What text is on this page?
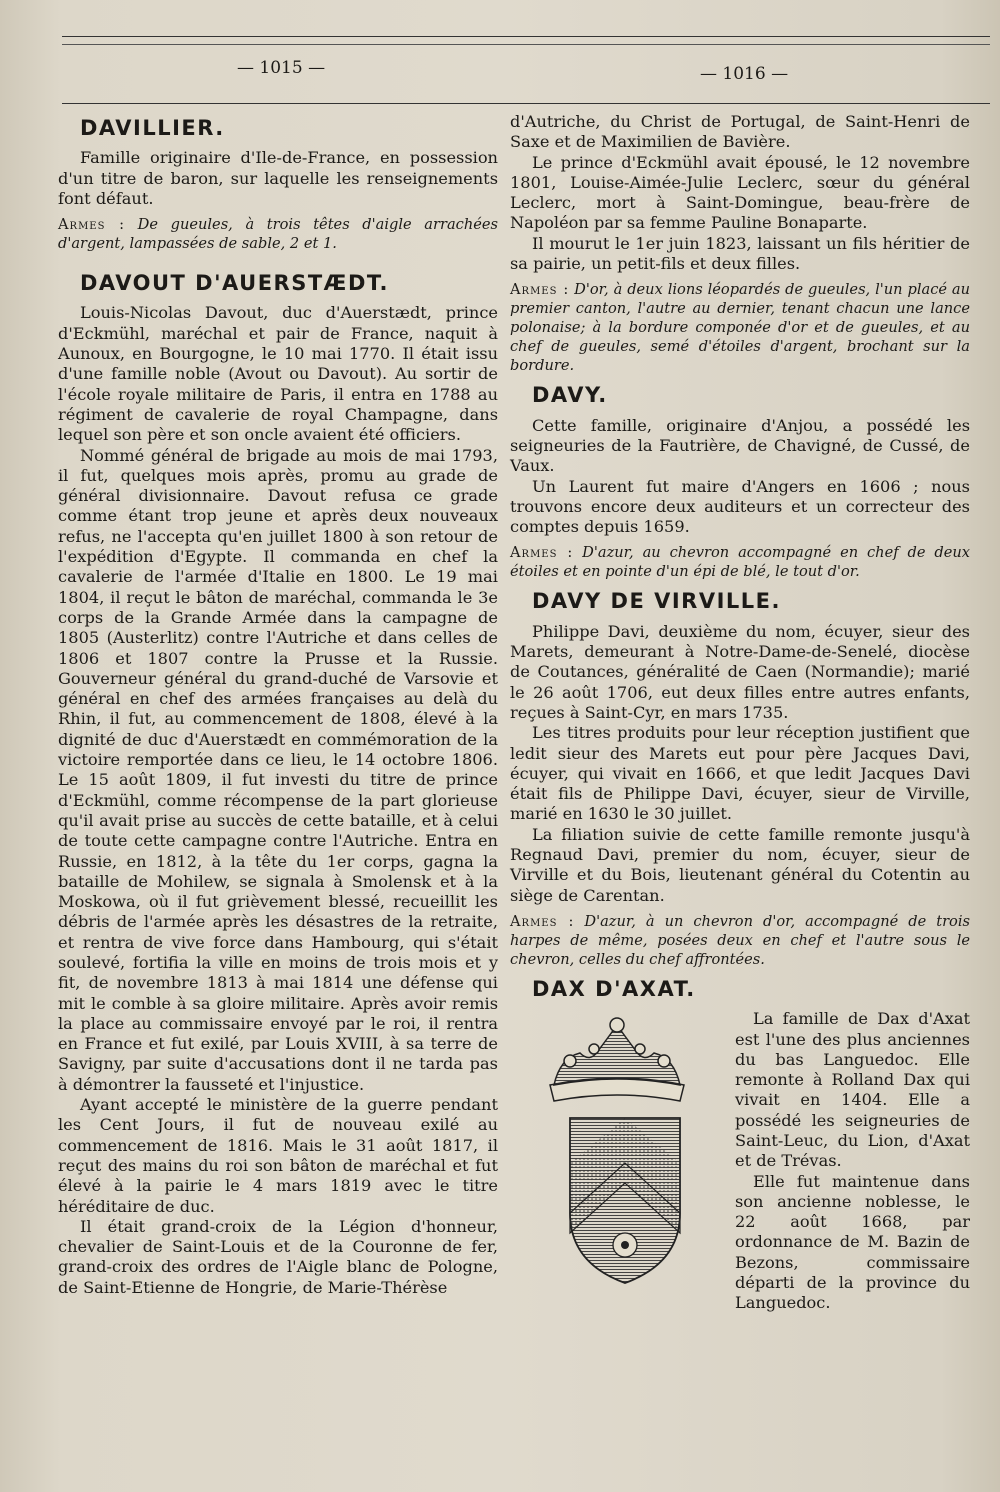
— 1015 —	— 1016 —
DAVILLIER.

Famille originaire d'Ile-de-France, en possession d'un titre de baron, sur laquelle les renseignements font défaut.

Armes : De gueules, à trois têtes d'aigle arrachées d'argent, lampassées de sable, 2 et 1.
DAVOUT D'AUERSTÆDT.

Louis-Nicolas Davout, duc d'Auerstædt, prince d'Eckmühl, maréchal et pair de France, naquit à Aunoux, en Bourgogne, le 10 mai 1770. Il était issu d'une famille noble (Avout ou Davout). Au sortir de l'école royale militaire de Paris, il entra en 1788 au régiment de cavalerie de royal Champagne, dans lequel son père et son oncle avaient été officiers.

Nommé général de brigade au mois de mai 1793, il fut, quelques mois après, promu au grade de général divisionnaire. Davout refusa ce grade comme étant trop jeune et après deux nouveaux refus, ne l'accepta qu'en juillet 1800 à son retour de l'expédition d'Egypte. Il commanda en chef la cavalerie de l'armée d'Italie en 1800. Le 19 mai 1804, il reçut le bâton de maréchal, commanda le 3e corps de la Grande Armée dans la campagne de 1805 (Austerlitz) contre l'Autriche et dans celles de 1806 et 1807 contre la Prusse et la Russie. Gouverneur général du grand-duché de Varsovie et général en chef des armées françaises au delà du Rhin, il fut, au commencement de 1808, élevé à la dignité de duc d'Auerstædt en commémoration de la victoire remportée dans ce lieu, le 14 octobre 1806. Le 15 août 1809, il fut investi du titre de prince d'Eckmühl, comme récompense de la part glorieuse qu'il avait prise au succès de cette bataille, et à celui de toute cette campagne contre l'Autriche. Entra en Russie, en 1812, à la tête du 1er corps, gagna la bataille de Mohilew, se signala à Smolensk et à la Moskowa, où il fut grièvement blessé, recueillit les débris de l'armée après les désastres de la retraite, et rentra de vive force dans Hambourg, qui s'était soulevé, fortifia la ville en moins de trois mois et y fit, de novembre 1813 à mai 1814 une défense qui mit le comble à sa gloire militaire. Après avoir remis la place au commissaire envoyé par le roi, il rentra en France et fut exilé, par Louis XVIII, à sa terre de Savigny, par suite d'accusations dont il ne tarda pas à démontrer la fausseté et l'injustice.

Ayant accepté le ministère de la guerre pendant les Cent Jours, il fut de nouveau exilé au commencement de 1816. Mais le 31 août 1817, il reçut des mains du roi son bâton de maréchal et fut élevé à la pairie le 4 mars 1819 avec le titre héréditaire de duc.

Il était grand-croix de la Légion d'honneur, chevalier de Saint-Louis et de la Couronne de fer, grand-croix des ordres de l'Aigle blanc de Pologne, de Saint-Etienne de Hongrie, de Marie-Thérèse

d'Autriche, du Christ de Portugal, de Saint-Henri de Saxe et de Maximilien de Bavière.

Le prince d'Eckmühl avait épousé, le 12 novembre 1801, Louise-Aimée-Julie Leclerc, sœur du général Leclerc, mort à Saint-Domingue, beau-frère de Napoléon par sa femme Pauline Bonaparte.

Il mourut le 1er juin 1823, laissant un fils héritier de sa pairie, un petit-fils et deux filles.

Armes : D'or, à deux lions léopardés de gueules, l'un placé au premier canton, l'autre au dernier, tenant chacun une lance polonaise; à la bordure componée d'or et de gueules, et au chef de gueules, semé d'étoiles d'argent, brochant sur la bordure.
DAVY.

Cette famille, originaire d'Anjou, a possédé les seigneuries de la Fautrière, de Chavigné, de Cussé, de Vaux.

Un Laurent fut maire d'Angers en 1606 ; nous trouvons encore deux auditeurs et un correcteur des comptes depuis 1659.

Armes : D'azur, au chevron accompagné en chef de deux étoiles et en pointe d'un épi de blé, le tout d'or.
DAVY DE VIRVILLE.

Philippe Davi, deuxième du nom, écuyer, sieur des Marets, demeurant à Notre-Dame-de-Senelé, diocèse de Coutances, généralité de Caen (Normandie); marié le 26 août 1706, eut deux filles entre autres enfants, reçues à Saint-Cyr, en mars 1735.

Les titres produits pour leur réception justifient que ledit sieur des Marets eut pour père Jacques Davi, écuyer, qui vivait en 1666, et que ledit Jacques Davi était fils de Philippe Davi, écuyer, sieur de Virville, marié en 1630 le 30 juillet.

La filiation suivie de cette famille remonte jusqu'à Regnaud Davi, premier du nom, écuyer, sieur de Virville et du Bois, lieutenant général du Cotentin au siège de Carentan.

Armes : D'azur, à un chevron d'or, accompagné de trois harpes de même, posées deux en chef et l'autre sous le chevron, celles du chef affrontées.
DAX D'AXAT.

La famille de Dax d'Axat est l'une des plus anciennes du bas Languedoc. Elle remonte à Rolland Dax qui vivait en 1404. Elle a possédé les seigneuries de Saint-Leuc, du Lion, d'Axat et de Trévas.

Elle fut maintenue dans son ancienne noblesse, le 22 août 1668, par ordonnance de M. Bazin de Bezons, commissaire départi de la province du Languedoc.
